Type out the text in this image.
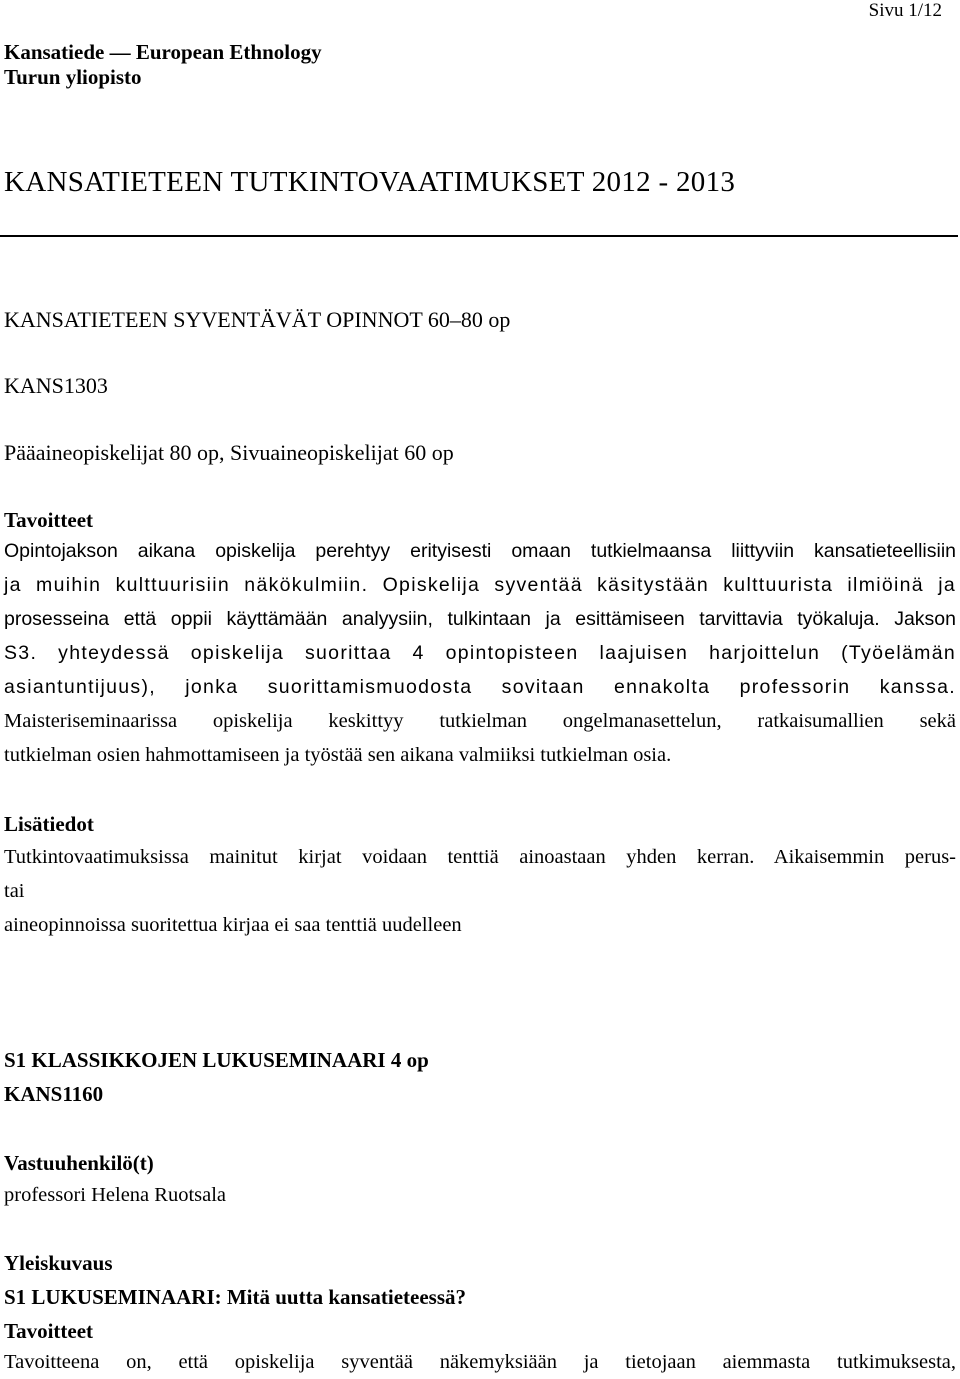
Sivu 1/12
Kansatiede — European Ethnology
Turun yliopisto
KANSATIETEEN TUTKINTOVAATIMUKSET 2012 - 2013
KANSATIETEEN SYVENTÄVÄT OPINNOT 60–80 op
KANS1303
Pääaineopiskelijat 80 op, Sivuaineopiskelijat 60 op
Tavoitteet
Opintojakson aikana opiskelija perehtyy erityisesti omaan tutkielmaansa liittyviin kansatieteellisiin
ja muihin kulttuurisiin näkökulmiin. Opiskelija syventää käsitystään kulttuurista ilmiöinä ja
prosesseina että oppii käyttämään analyysiin, tulkintaan ja esittämiseen tarvittavia työkaluja. Jakson
S3. yhteydessä opiskelija suorittaa 4 opintopisteen laajuisen harjoittelun (Työelämän
asiantuntijuus), jonka suorittamismuodosta sovitaan ennakolta professorin kanssa.
Maisteriseminaarissa opiskelija keskittyy tutkielman ongelmanasettelun, ratkaisumallien sekä
tutkielman osien hahmottamiseen ja työstää sen aikana valmiiksi tutkielman osia.
Lisätiedot
Tutkintovaatimuksissa mainitut kirjat voidaan tenttiä ainoastaan yhden kerran. Aikaisemmin perus-
tai
aineopinnoissa suoritettua kirjaa ei saa tenttiä uudelleen
S1 KLASSIKKOJEN LUKUSEMINAARI 4 op
KANS1160
Vastuuhenkilö(t)
professori Helena Ruotsala
Yleiskuvaus
S1 LUKUSEMINAARI: Mitä uutta kansatieteessä?
Tavoitteet
Tavoitteena on, että opiskelija syventää näkemyksiään ja tietojaan aiemmasta tutkimuksesta,
